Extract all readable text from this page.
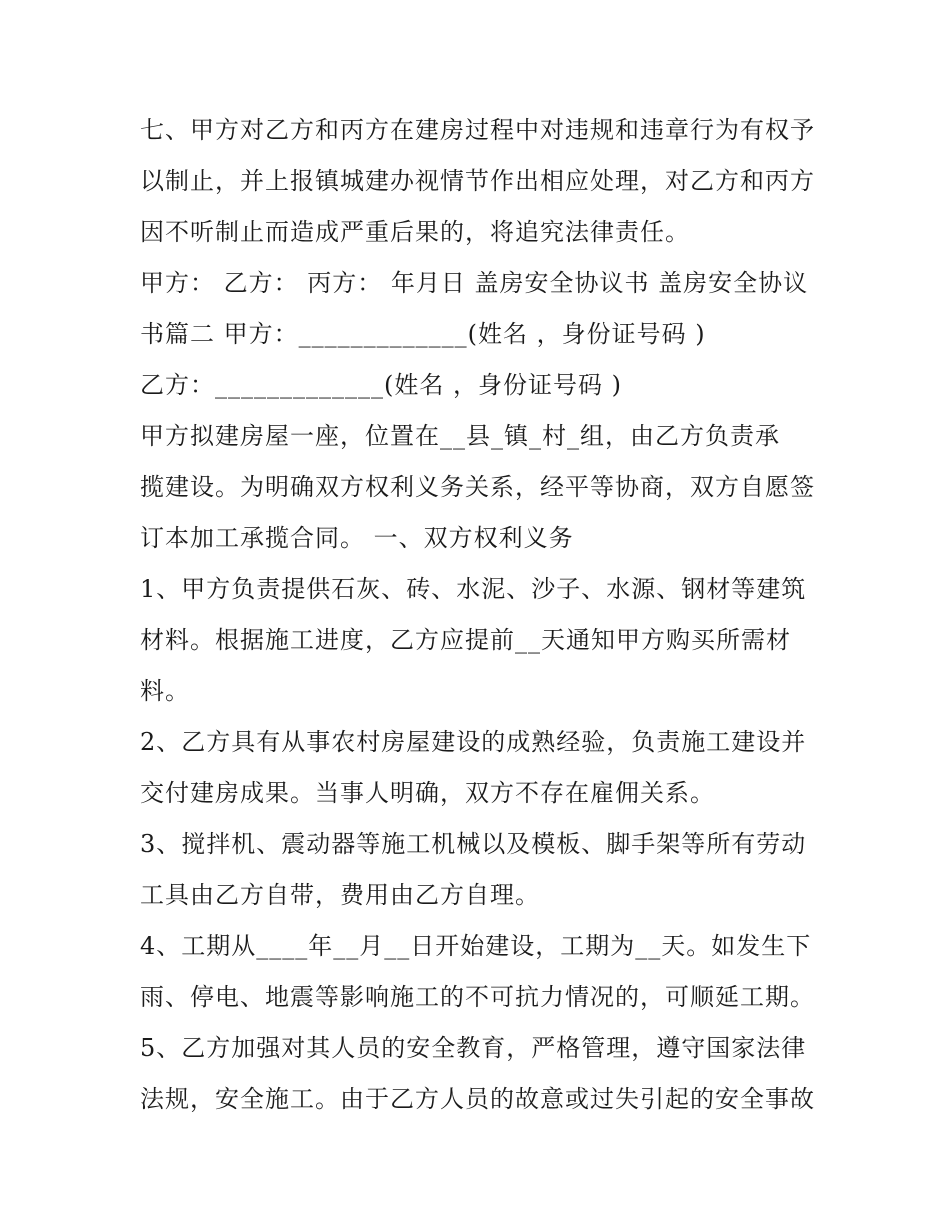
七、甲方对乙方和丙方在建房过程中对违规和违章行为有权予
以制止，并上报镇城建办视情节作出相应处理，对乙方和丙方
因不听制止而造成严重后果的，将追究法律责任。
甲方： 乙方： 丙方： 年月日 盖房安全协议书 盖房安全协议
书篇二 甲方：_____________(姓名 ，身份证号码 )
乙方：_____________(姓名 ，身份证号码 )
甲方拟建房屋一座，位置在__县_镇_村_组，由乙方负责承
揽建设。为明确双方权利义务关系，经平等协商，双方自愿签
订本加工承揽合同。 一、双方权利义务
1、甲方负责提供石灰、砖、水泥、沙子、水源、钢材等建筑
材料。根据施工进度，乙方应提前__天通知甲方购买所需材
料。
2、乙方具有从事农村房屋建设的成熟经验，负责施工建设并
交付建房成果。当事人明确，双方不存在雇佣关系。
3、搅拌机、震动器等施工机械以及模板、脚手架等所有劳动
工具由乙方自带，费用由乙方自理。
4、工期从____年__月__日开始建设，工期为__天。如发生下
雨、停电、地震等影响施工的不可抗力情况的，可顺延工期。
5、乙方加强对其人员的安全教育，严格管理，遵守国家法律
法规，安全施工。由于乙方人员的故意或过失引起的安全事故
